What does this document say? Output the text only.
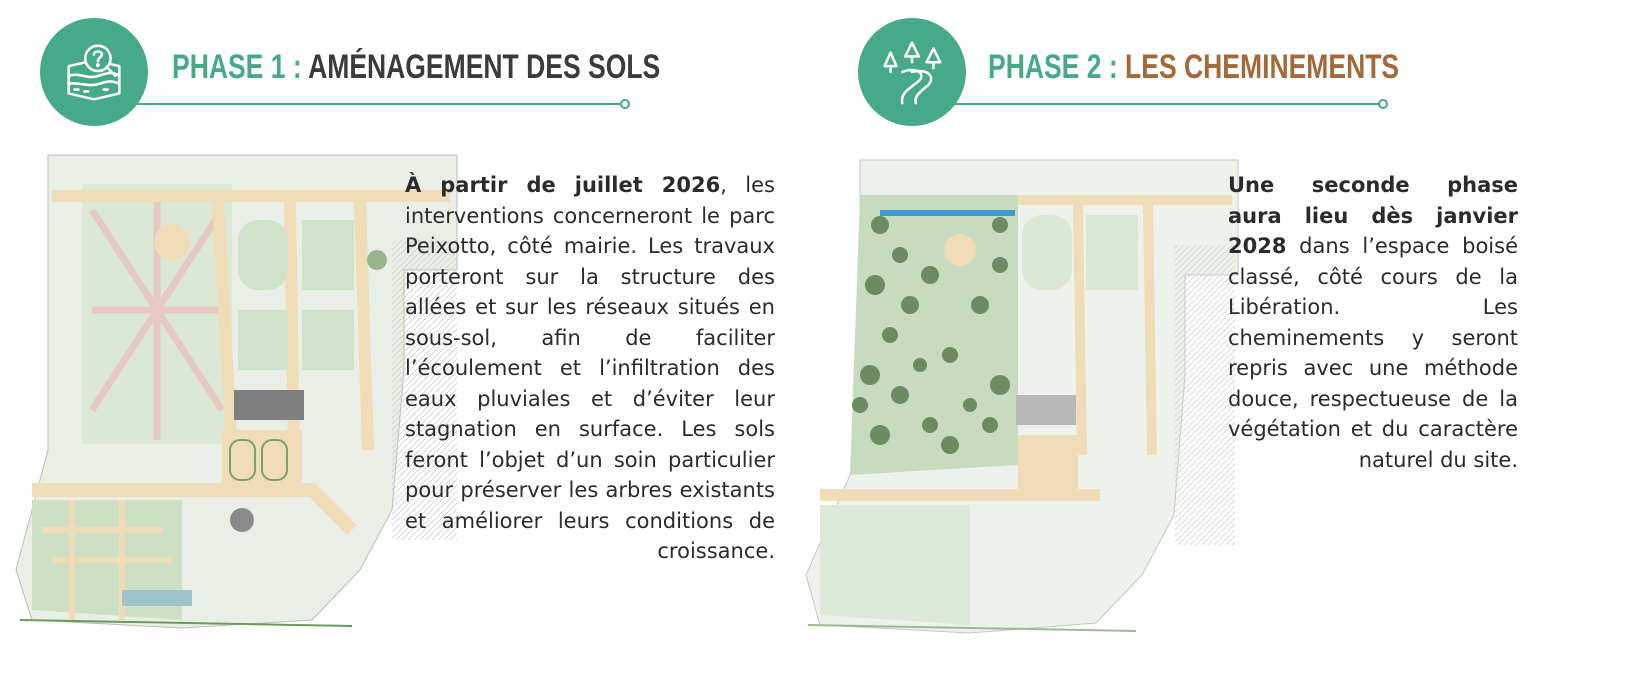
PHASE 1 : AMÉNAGEMENT DES SOLS
À partir de juillet 2026, les interventions concerneront le parc Peixotto, côté mairie. Les travaux porteront sur la structure des allées et sur les réseaux situés en sous-sol, afin de faciliter l’écoulement et l’infiltration des eaux pluviales et d’éviter leur stagnation en surface. Les sols feront l’objet d’un soin particulier pour préserver les arbres existants et améliorer leurs conditions de croissance.
PHASE 2 : LES CHEMINEMENTS
Une seconde phase aura lieu dès janvier 2028 dans l’espace boisé classé, côté cours de la Libération. Les cheminements y seront repris avec une méthode douce, respectueuse de la végétation et du caractère naturel du site.
